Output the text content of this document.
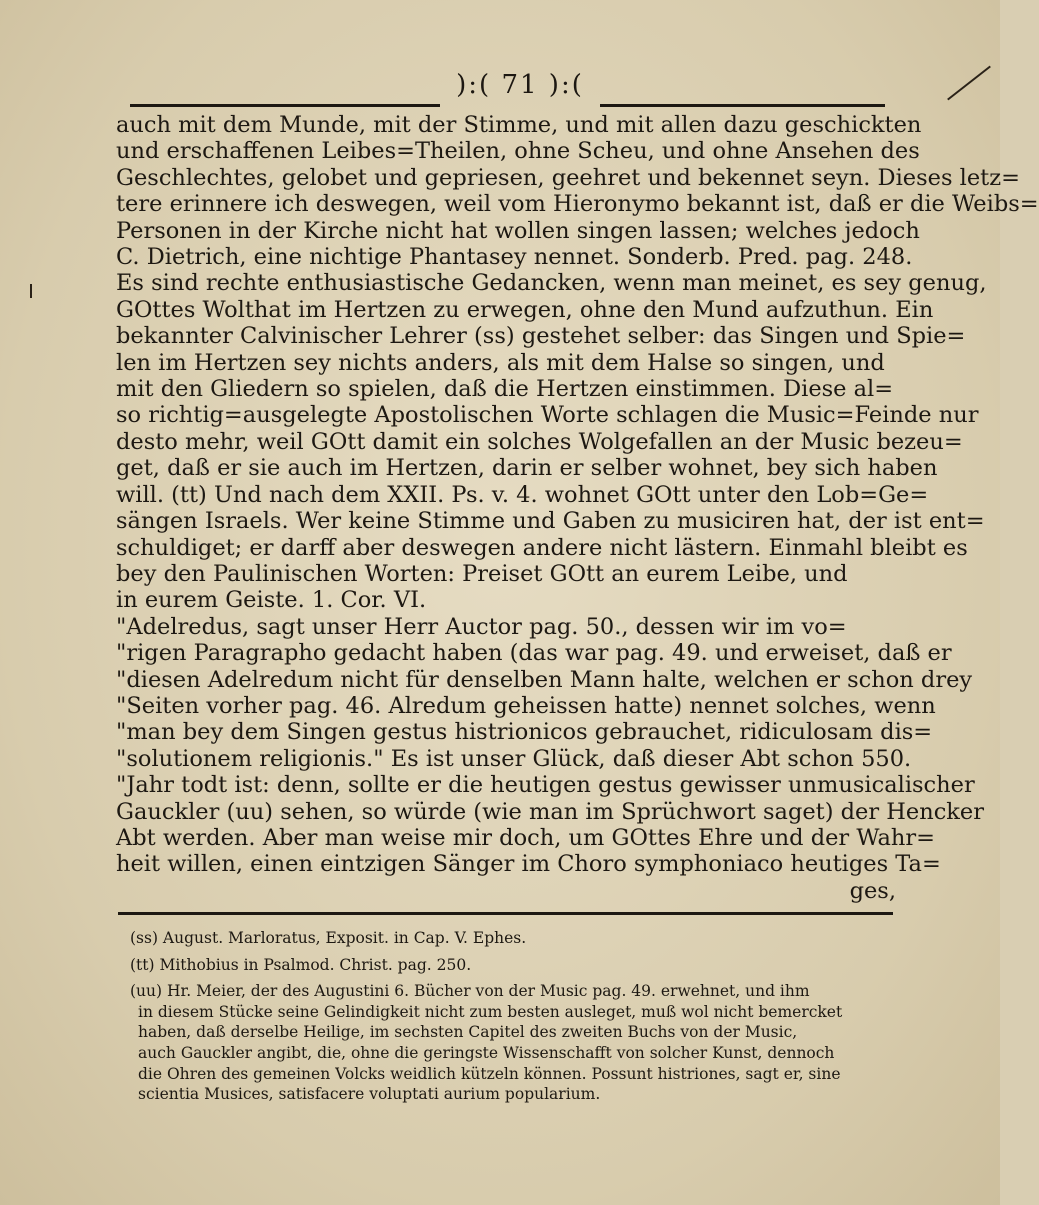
):( 71 ):(
auch mit dem Munde, mit der Stimme, und mit allen dazu geschickten
und erschaffenen Leibes=Theilen, ohne Scheu, und ohne Ansehen des
Geschlechtes, gelobet und gepriesen, geehret und bekennet seyn. Dieses letz=
tere erinnere ich deswegen, weil vom Hieronymo bekannt ist, daß er die Weibs=
Personen in der Kirche nicht hat wollen singen lassen; welches jedoch
C. Dietrich, eine nichtige Phantasey nennet. Sonderb. Pred. pag. 248.
Es sind rechte enthusiastische Gedancken, wenn man meinet, es sey genug,
GOttes Wolthat im Hertzen zu erwegen, ohne den Mund aufzuthun. Ein
bekannter Calvinischer Lehrer (ss) gestehet selber: das Singen und Spie=
len im Hertzen sey nichts anders, als mit dem Halse so singen, und
mit den Gliedern so spielen, daß die Hertzen einstimmen. Diese al=
so richtig=ausgelegte Apostolischen Worte schlagen die Music=Feinde nur
desto mehr, weil GOtt damit ein solches Wolgefallen an der Music bezeu=
get, daß er sie auch im Hertzen, darin er selber wohnet, bey sich haben
will. (tt) Und nach dem XXII. Ps. v. 4. wohnet GOtt unter den Lob=Ge=
sängen Israels. Wer keine Stimme und Gaben zu musiciren hat, der ist ent=
schuldiget; er darff aber deswegen andere nicht lästern. Einmahl bleibt es
bey den Paulinischen Worten: Preiset GOtt an eurem Leibe, und
in eurem Geiste. 1. Cor. VI.
"Adelredus, sagt unser Herr Auctor pag. 50., dessen wir im vo=
"rigen Paragrapho gedacht haben (das war pag. 49. und erweiset, daß er
"diesen Adelredum nicht für denselben Mann halte, welchen er schon drey
"Seiten vorher pag. 46. Alredum geheissen hatte) nennet solches, wenn
"man bey dem Singen gestus histrionicos gebrauchet, ridiculosam dis=
"solutionem religionis." Es ist unser Glück, daß dieser Abt schon 550.
"Jahr todt ist: denn, sollte er die heutigen gestus gewisser unmusicalischer
Gauckler (uu) sehen, so würde (wie man im Sprüchwort saget) der Hencker
Abt werden. Aber man weise mir doch, um GOttes Ehre und der Wahr=
heit willen, einen eintzigen Sänger im Choro symphoniaco heutiges Ta=
ges,
(ss) August. Marloratus, Exposit. in Cap. V. Ephes.
(tt) Mithobius in Psalmod. Christ. pag. 250.
(uu) Hr. Meier, der des Augustini 6. Bücher von der Music pag. 49. erwehnet, und ihm
in diesem Stücke seine Gelindigkeit nicht zum besten ausleget, muß wol nicht bemercket
haben, daß derselbe Heilige, im sechsten Capitel des zweiten Buchs von der Music,
auch Gauckler angibt, die, ohne die geringste Wissenschafft von solcher Kunst, dennoch
die Ohren des gemeinen Volcks weidlich kützeln können. Possunt histriones, sagt er, sine
scientia Musices, satisfacere voluptati aurium popularium.
